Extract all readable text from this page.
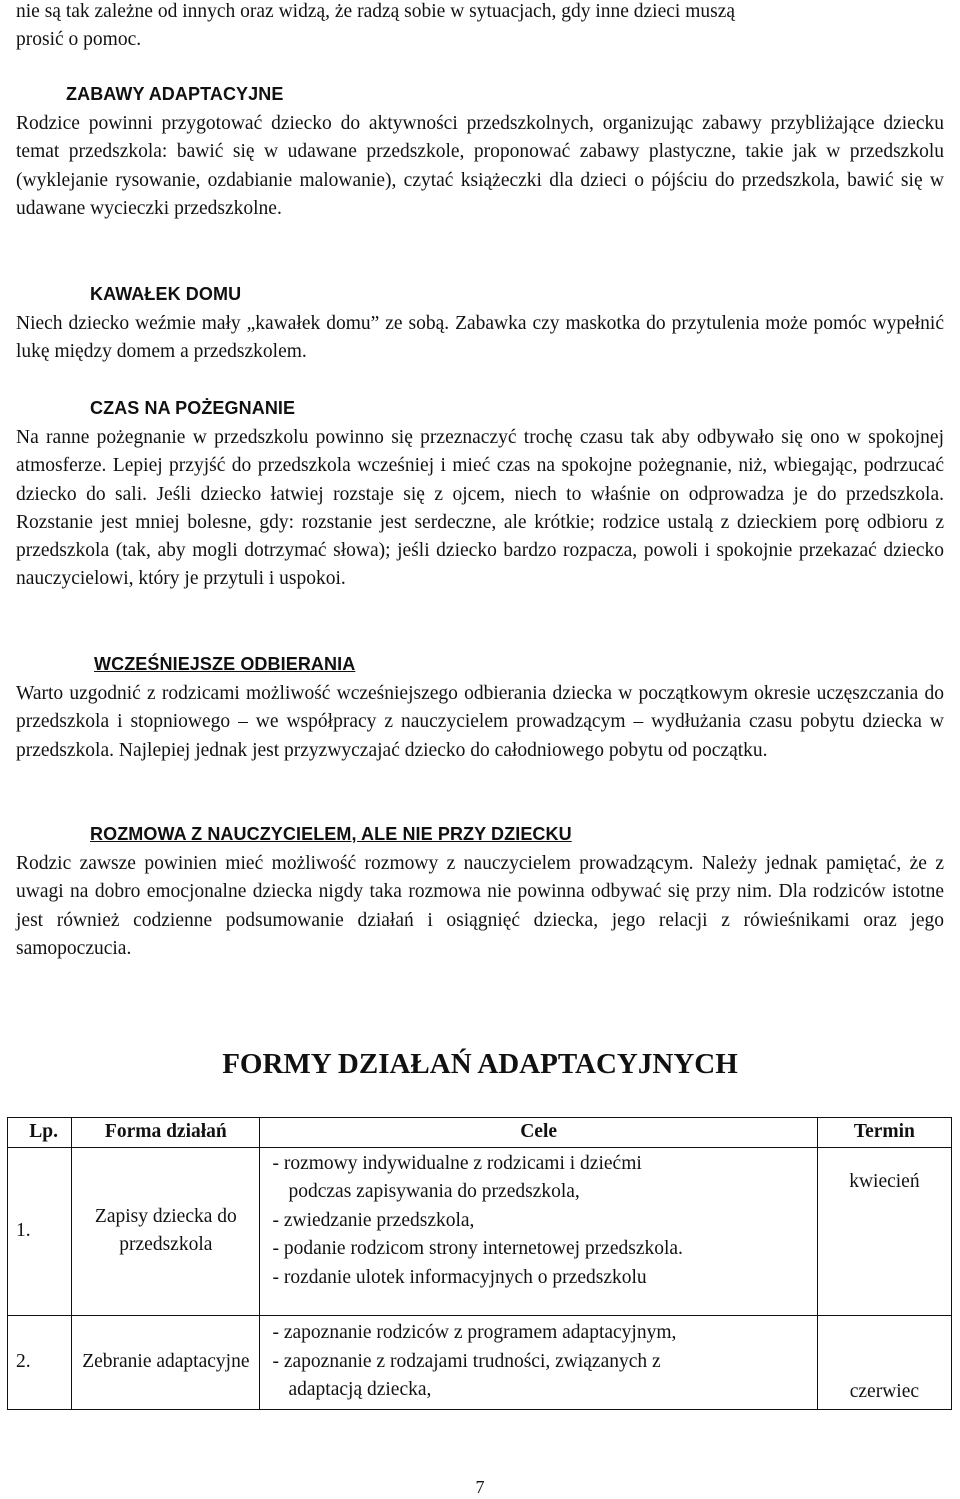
nie są tak zależne od innych oraz widzą, że radzą sobie w sytuacjach, gdy inne dzieci muszą

prosić o pomoc.

ZABAWY ADAPTACYJNE

Rodzice powinni przygotować dziecko do aktywności przedszkolnych, organizując zabawy przybliżające dziecku temat przedszkola: bawić się w udawane przedszkole, proponować zabawy plastyczne, takie jak w przedszkolu (wyklejanie rysowanie, ozdabianie malowanie), czytać książeczki dla dzieci o pójściu do przedszkola, bawić się w udawane wycieczki przedszkolne.

KAWAŁEK DOMU

Niech dziecko weźmie mały „kawałek domu” ze sobą. Zabawka czy maskotka do przytulenia może pomóc wypełnić lukę między domem a przedszkolem.

CZAS NA POŻEGNANIE

Na ranne pożegnanie w przedszkolu powinno się przeznaczyć trochę czasu tak aby odbywało się ono w spokojnej atmosferze. Lepiej przyjść do przedszkola wcześniej i mieć czas na spokojne pożegnanie, niż, wbiegając, podrzucać dziecko do sali. Jeśli dziecko łatwiej rozstaje się z ojcem, niech to właśnie on odprowadza je do przedszkola. Rozstanie jest mniej bolesne, gdy: rozstanie jest serdeczne, ale krótkie; rodzice ustalą z dzieckiem porę odbioru z przedszkola (tak, aby mogli dotrzymać słowa); jeśli dziecko bardzo rozpacza, powoli i spokojnie przekazać dziecko nauczycielowi, który je przytuli i uspokoi.

WCZEŚNIEJSZE ODBIERANIA

Warto uzgodnić z rodzicami możliwość wcześniejszego odbierania dziecka w początkowym okresie uczęszczania do przedszkola i stopniowego – we współpracy z nauczycielem prowadzącym – wydłużania czasu pobytu dziecka w przedszkola. Najlepiej jednak jest przyzwyczajać dziecko do całodniowego pobytu od początku.

ROZMOWA Z NAUCZYCIELEM, ALE NIE PRZY DZIECKU

Rodzic zawsze powinien mieć możliwość rozmowy z nauczycielem prowadzącym. Należy jednak pamiętać, że z uwagi na dobro emocjonalne dziecka nigdy taka rozmowa nie powinna odbywać się przy nim. Dla rodziców istotne jest również codzienne podsumowanie działań i osiągnięć dziecka, jego relacji z rówieśnikami oraz jego samopoczucia.

FORMY DZIAŁAŃ ADAPTACYJNYCH
Lp.	Forma działań	Cele	Termin
1.	Zapisy dziecka do przedszkola	- rozmowy indywidualne z rodzicami i dziećmi
podczas zapisywania do przedszkola,
- zwiedzanie przedszkola,
- podanie rodzicom strony internetowej przedszkola.
- rozdanie ulotek informacyjnych o przedszkolu	kwiecień
2.	Zebranie adaptacyjne	- zapoznanie rodziców z programem adaptacyjnym,
- zapoznanie z rodzajami trudności, związanych z
adaptacją dziecka,	czerwiec
7
